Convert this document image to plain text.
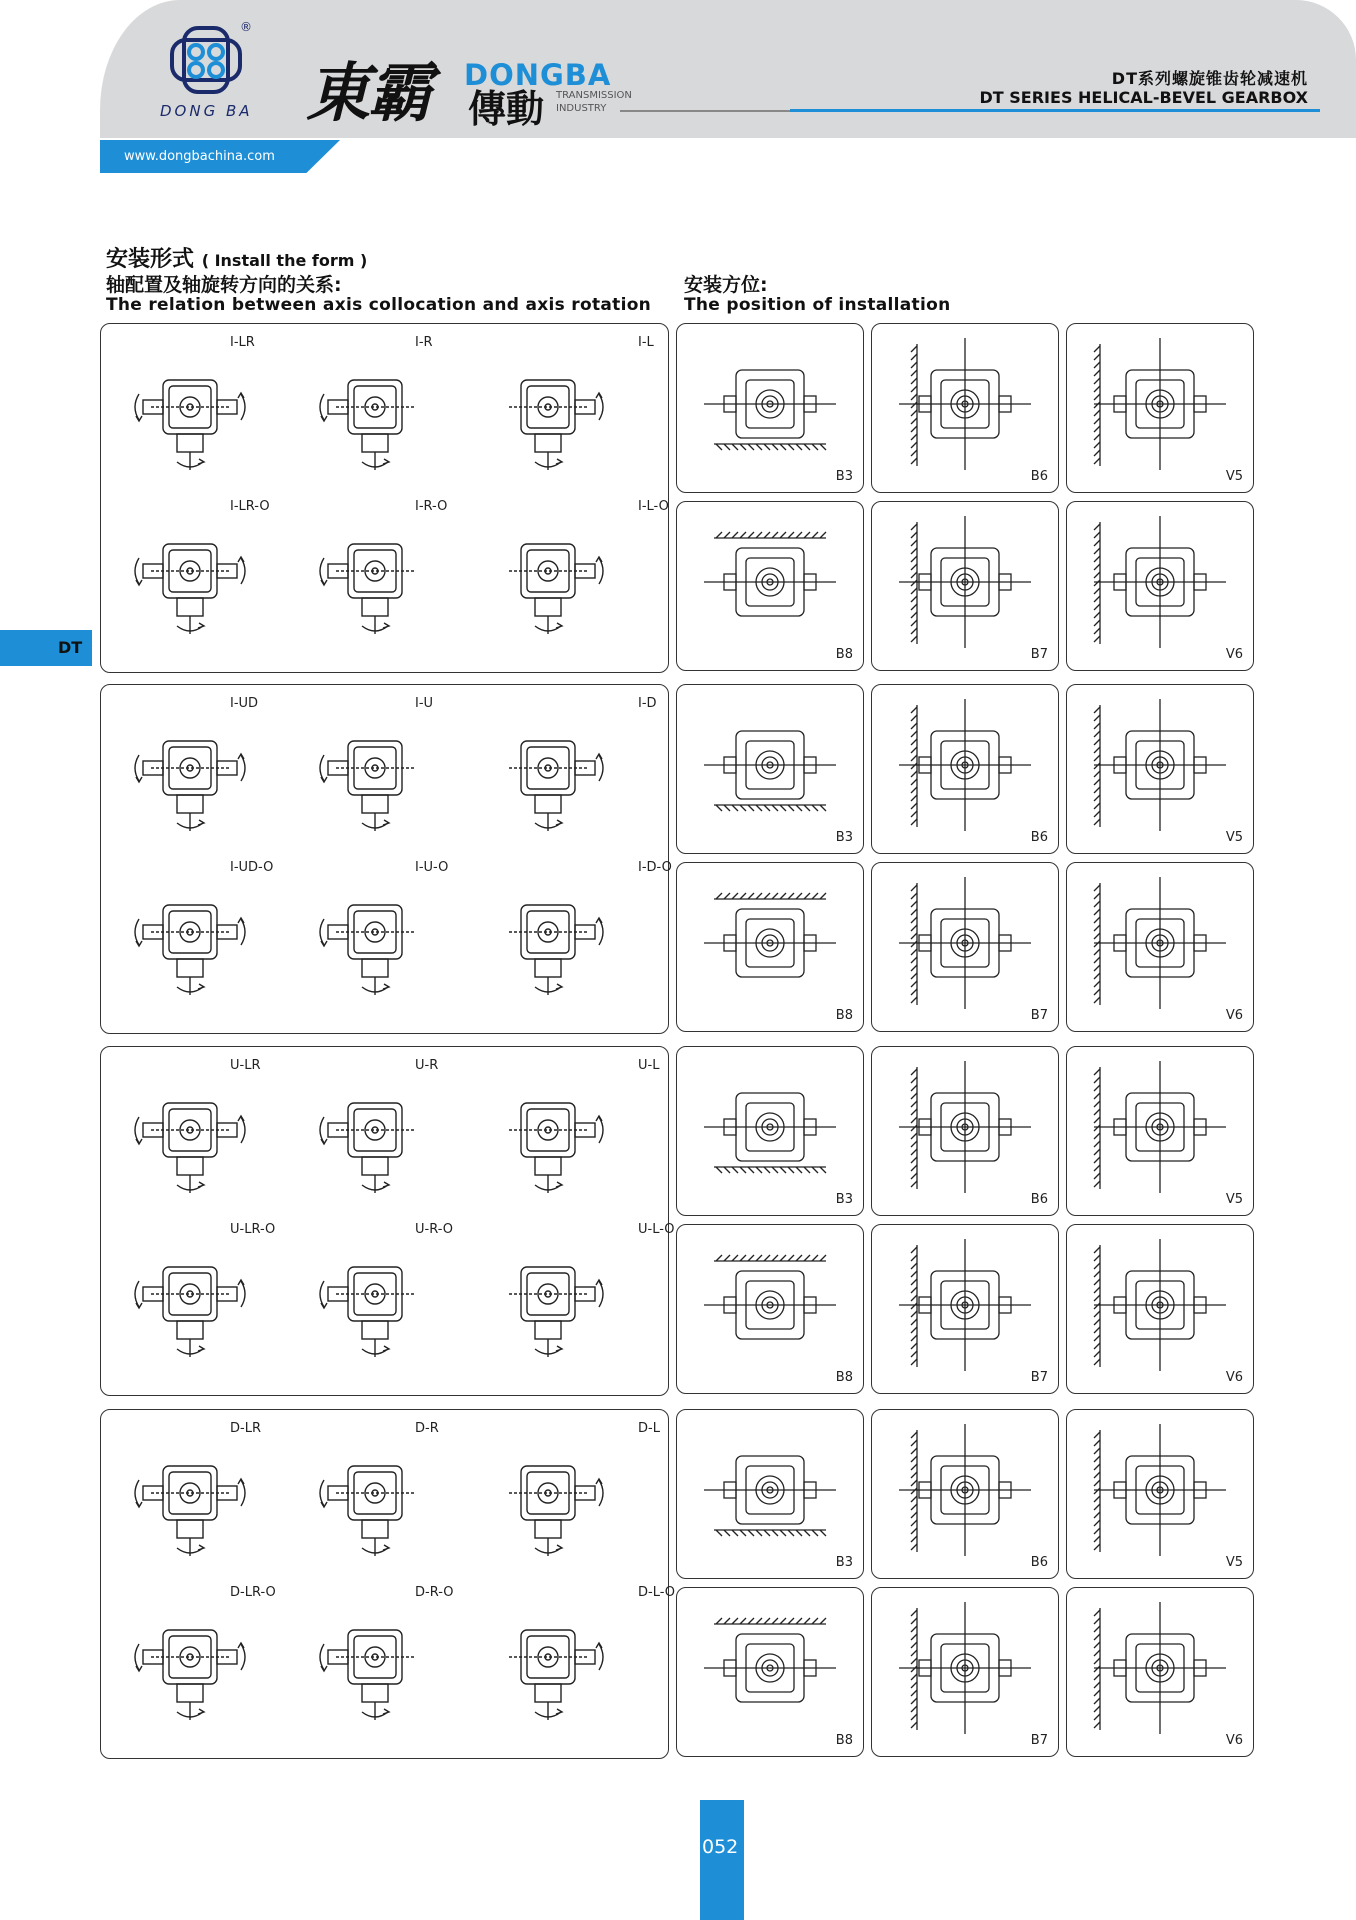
®
DONG BA 東霸 DONGBA
傳動 TRANSMISSION
INDUSTRY
DT系列螺旋锥齿轮减速机
DT SERIES HELICAL-BEVEL GEARBOX
www.dongbachina.com
DT
安装形式 ( Install the form )
轴配置及轴旋转方向的关系:
The relation between axis collocation and axis rotation
安装方位:
The position of installation
052
I-LR	I-R	I-L
I-LR-O	I-R-O	I-L-O
B3	B6	V5
B8	B7	V6
I-UD	I-U	I-D
I-UD-O	I-U-O	I-D-O
B3	B6	V5
B8	B7	V6
U-LR	U-R	U-L
U-LR-O	U-R-O	U-L-O
B3	B6	V5
B8	B7	V6
D-LR	D-R	D-L
D-LR-O	D-R-O	D-L-O
B3	B6	V5
B8	B7	V6
